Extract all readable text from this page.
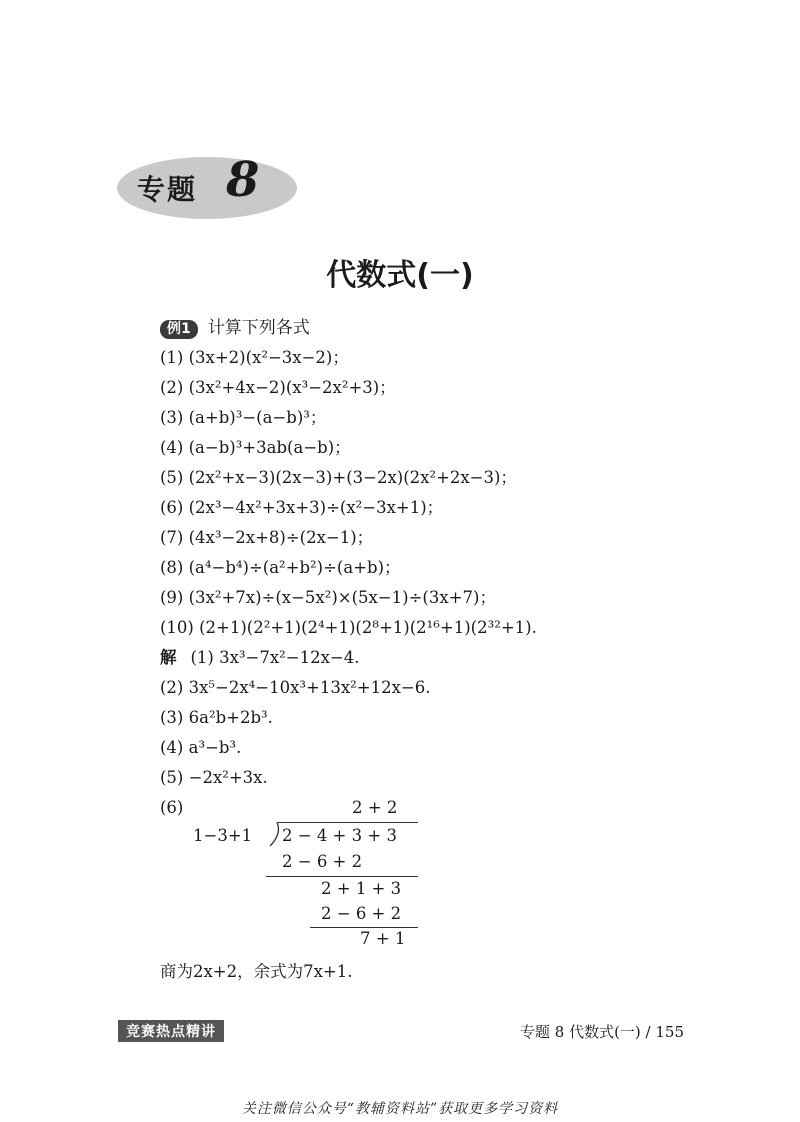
专题 8
代数式(一)
例1 计算下列各式
(1) (3x+2)(x²−3x−2)；
(2) (3x²+4x−2)(x³−2x²+3)；
(3) (a+b)³−(a−b)³；
(4) (a−b)³+3ab(a−b)；
(5) (2x²+x−3)(2x−3)+(3−2x)(2x²+2x−3)；
(6) (2x³−4x²+3x+3)÷(x²−3x+1)；
(7) (4x³−2x+8)÷(2x−1)；
(8) (a⁴−b⁴)÷(a²+b²)÷(a+b)；
(9) (3x²+7x)÷(x−5x²)×(5x−1)÷(3x+7)；
(10) (2+1)(2²+1)(2⁴+1)(2⁸+1)(2¹⁶+1)(2³²+1).
解 (1) 3x³−7x²−12x−4.
(2) 3x⁵−2x⁴−10x³+13x²+12x−6.
(3) 6a²b+2b³.
(4) a³−b³.
(5) −2x²+3x.
(6)	2 + 2
1−3+1 2 − 4 + 3 + 3
2 − 6 + 2
2 + 1 + 3
2 − 6 + 2
7 + 1
商为2x+2，余式为7x+1.
竞赛热点精讲	专题 8 代数式(一) / 155
关注微信公众号“教辅资料站”获取更多学习资料
